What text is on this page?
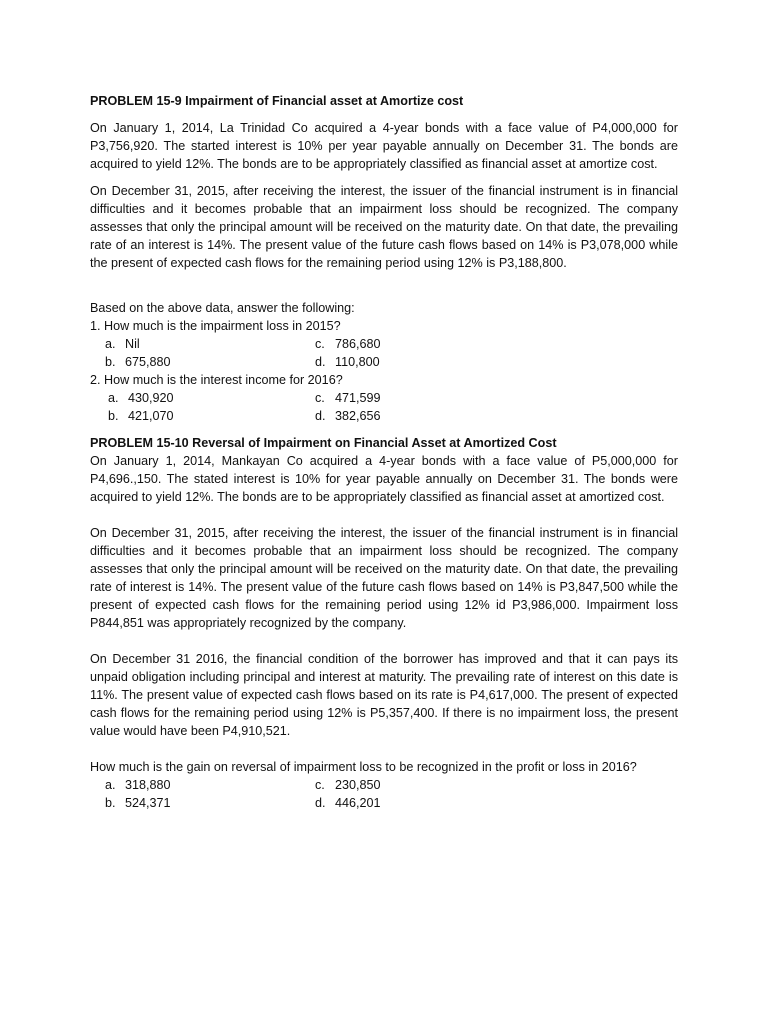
PROBLEM 15-9 Impairment of Financial asset at Amortize cost

On January 1, 2014, La Trinidad Co acquired a 4-year bonds with a face value of P4,000,000 for P3,756,920. The started interest is 10% per year payable annually on December 31. The bonds are acquired to yield 12%. The bonds are to be appropriately classified as financial asset at amortize cost.

On December 31, 2015, after receiving the interest, the issuer of the financial instrument is in financial difficulties and it becomes probable that an impairment loss should be recognized. The company assesses that only the principal amount will be received on the maturity date. On that date, the prevailing rate of an interest is 14%. The present value of the future cash flows based on 14% is P3,078,000 while the present of expected cash flows for the remaining period using 12% is P3,188,800.

Based on the above data, answer the following:

1. How much is the impairment loss in 2015?

a. Nil	c. 786,680
b. 675,880	d. 110,800

2. How much is the interest income for 2016?

a. 430,920	c. 471,599
b. 421,070	d. 382,656

PROBLEM 15-10 Reversal of Impairment on Financial Asset at Amortized Cost

On January 1, 2014, Mankayan Co acquired a 4-year bonds with a face value of P5,000,000 for P4,696.,150. The stated interest is 10% for year payable annually on December 31. The bonds were acquired to yield 12%. The bonds are to be appropriately classified as financial asset at amortized cost.

On December 31, 2015, after receiving the interest, the issuer of the financial instrument is in financial difficulties and it becomes probable that an impairment loss should be recognized. The company assesses that only the principal amount will be received on the maturity date. On that date, the prevailing rate of interest is 14%. The present value of the future cash flows based on 14% is P3,847,500 while the present of expected cash flows for the remaining period using 12% id P3,986,000. Impairment loss P844,851 was appropriately recognized by the company.

On December 31 2016, the financial condition of the borrower has improved and that it can pays its unpaid obligation including principal and interest at maturity. The prevailing rate of interest on this date is 11%. The present value of expected cash flows based on its rate is P4,617,000. The present of expected cash flows for the remaining period using 12% is P5,357,400. If there is no impairment loss, the present value would have been P4,910,521.

How much is the gain on reversal of impairment loss to be recognized in the profit or loss in 2016?

a. 318,880	c. 230,850
b. 524,371	d. 446,201
